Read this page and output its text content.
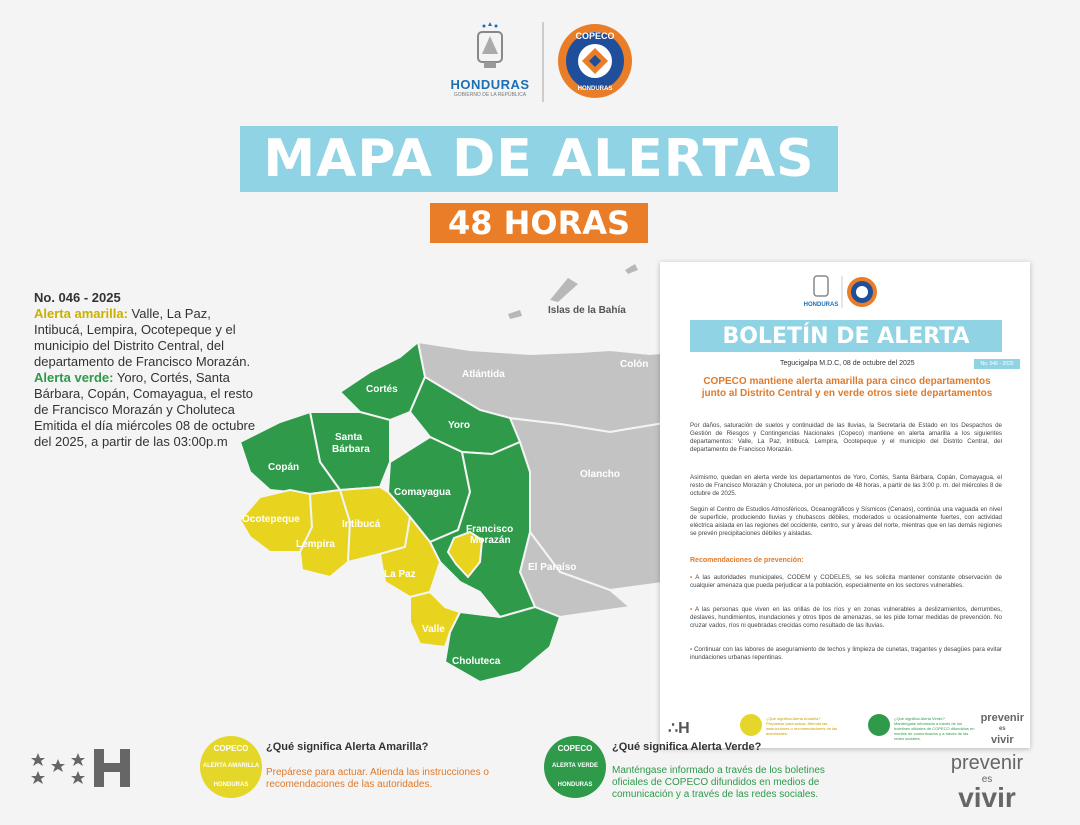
HONDURAS
GOBIERNO DE LA REPÚBLICA
COPECO
HONDURAS
MAPA DE ALERTAS
48 HORAS
No. 046 - 2025
Alerta amarilla: Valle, La Paz, Intibucá, Lempira, Ocotepeque y el municipio del Distrito Central, del departamento de Francisco Morazán.
Alerta verde: Yoro, Cortés, Santa Bárbara, Copán, Comayagua, el resto de Francisco Morazán y Choluteca
Emitida el día miércoles 08 de octubre del 2025, a partir de las 03:00p.m
Islas de la Bahía
Atlántida
Colón
Olancho
El Paraíso
Cortés
Yoro
Santa
Bárbara
Copán
Comayagua
Ocotepeque	Intibucá
Lempira
Francisco
Morazán
La Paz
Valle
Choluteca
HONDURAS
BOLETÍN DE ALERTA
Tegucigalpa M.D.C, 08 de octubre del 2025	No. 046 - 2025
COPECO mantiene alerta amarilla para cinco departamentos junto al Distrito Central y en verde otros siete departamentos
Por daños, saturación de suelos y continuidad de las lluvias, la Secretaría de Estado en los Despachos de Gestión de Riesgos y Contingencias Nacionales (Copeco) mantiene en alerta amarilla a los siguientes departamentos: Valle, La Paz, Intibucá, Lempira, Ocotepeque y el municipio del Distrito Central, del departamento de Francisco Morazán.
Asimismo, quedan en alerta verde los departamentos de Yoro, Cortés, Santa Bárbara, Copán, Comayagua, el resto de Francisco Morazán y Choluteca, por un periodo de 48 horas, a partir de las 3:00 p. m. del miércoles 8 de octubre de 2025.
Según el Centro de Estudios Atmosféricos, Oceanográficos y Sísmicos (Cenaos), continúa una vaguada en nivel de superficie, produciendo lluvias y chubascos débiles, moderados u ocasionalmente fuertes, con actividad eléctrica aislada en las regiones del occidente, centro, sur y áreas del norte, mientras que en las demás regiones se prevén precipitaciones débiles y aisladas.
Recomendaciones de prevención:
• A las autoridades municipales, CODEM y CODELES, se les solicita mantener constante observación de cualquier amenaza que pueda perjudicar a la población, especialmente en los sectores vulnerables.
• A las personas que viven en las orillas de los ríos y en zonas vulnerables a deslizamientos, derrumbes, deslaves, hundimientos, inundaciones y otros tipos de amenazas, se les pide tomar medidas de prevención. No cruzar vados, ríos ni quebradas crecidas como resultado de las lluvias.
• Continuar con las labores de aseguramiento de techos y limpieza de cunetas, tragantes y desagües para evitar inundaciones urbanas repentinas.
∴H
¿Qué significa Alerta Amarilla?
Prepárese para actuar. Atienda las instrucciones o recomendaciones de las autoridades.
¿Qué significa Alerta Verde?
Manténgase informado a través de los boletines oficiales de COPECO difundidos en medios de comunicación y a través de las redes sociales.
prevenir
es
vivir
COPECO
ALERTA AMARILLA
HONDURAS
¿Qué significa Alerta Amarilla?
Prepárese para actuar. Atienda las instrucciones o recomendaciones de las autoridades.
COPECO
ALERTA VERDE
HONDURAS
¿Qué significa Alerta Verde?
Manténgase informado a través de los boletines oficiales de COPECO difundidos en medios de comunicación y a través de las redes sociales.
prevenir
es
vivir
